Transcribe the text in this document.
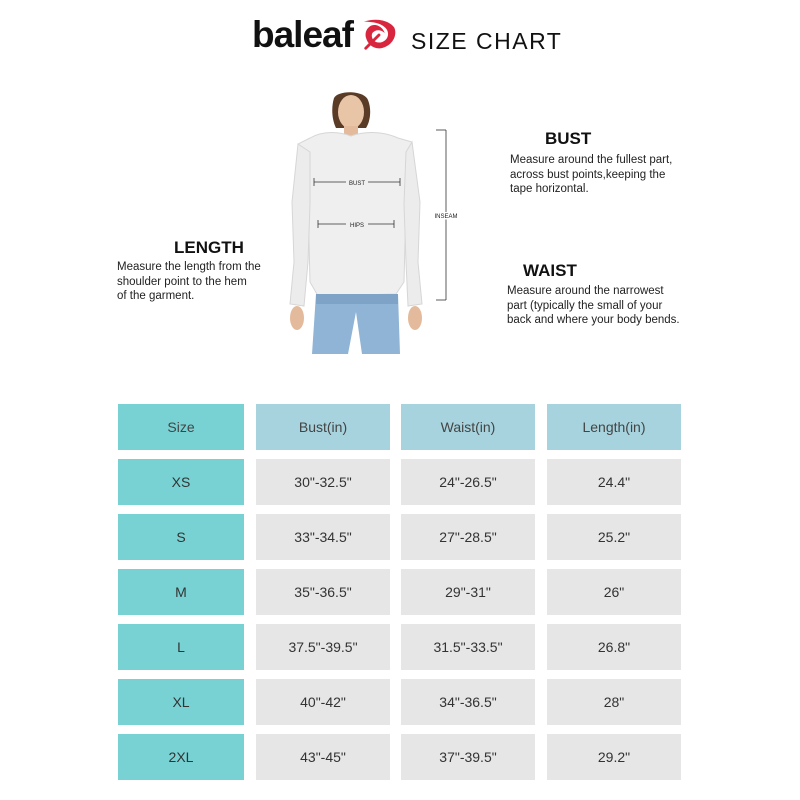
baleaf	SIZE CHART
BUST
HIPS
INSEAM
BUST
Measure around the fullest part,
across bust points,keeping the
tape horizontal.
LENGTH
Measure the length from the
shoulder point to the hem
of the garment.
WAIST
Measure around the narrowest
part (typically the small of your
back and where your body bends.
Size	Bust(in)	Waist(in)	Length(in)
XS	30"-32.5"	24"-26.5"	24.4"
S	33"-34.5"	27"-28.5"	25.2"
M	35"-36.5"	29"-31"	26"
L	37.5"-39.5"	31.5"-33.5"	26.8"
XL	40"-42"	34"-36.5"	28"
2XL	43"-45"	37"-39.5"	29.2"
